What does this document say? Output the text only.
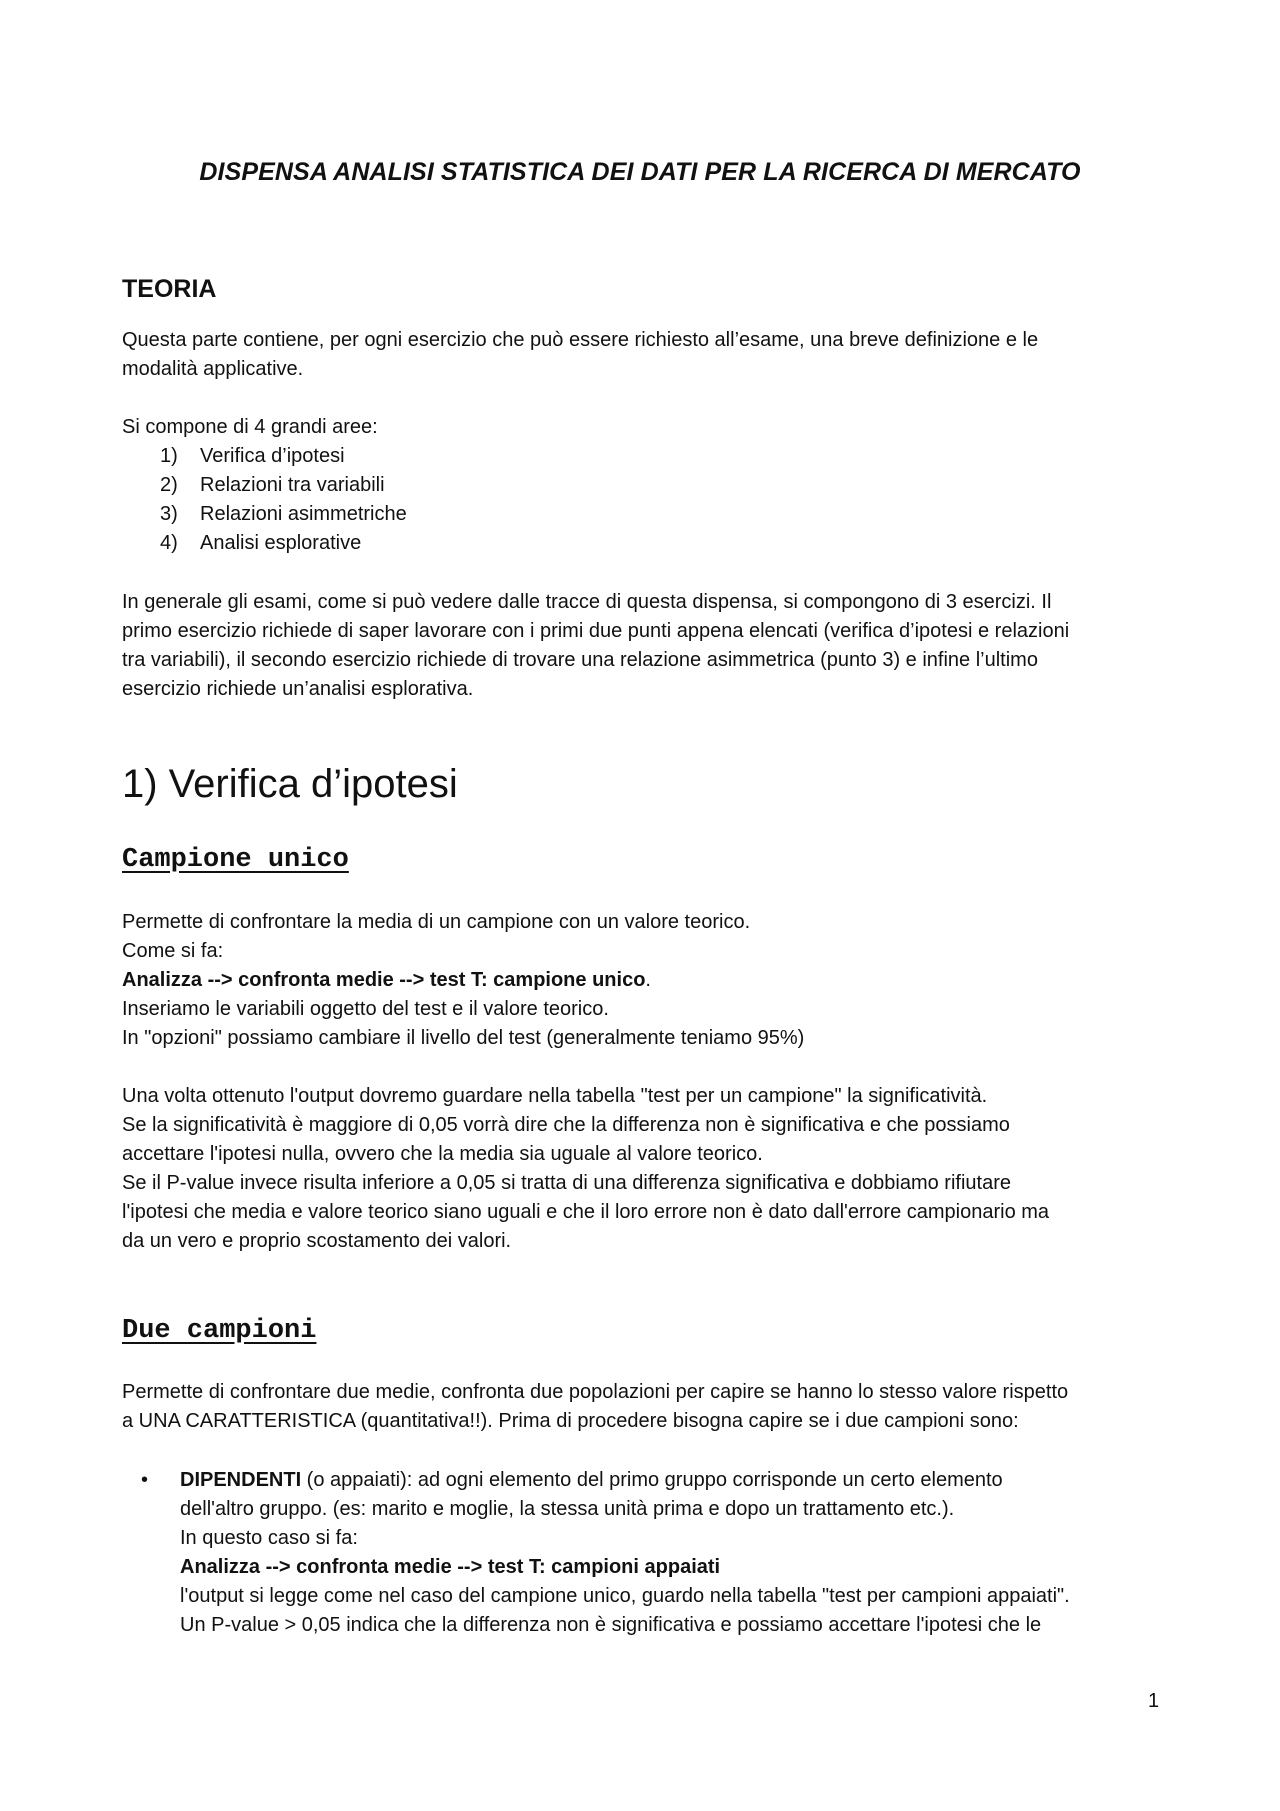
DISPENSA ANALISI STATISTICA DEI DATI PER LA RICERCA DI MERCATO
TEORIA
Questa parte contiene, per ogni esercizio che può essere richiesto all’esame, una breve definizione e le
modalità applicative.
Si compone di 4 grandi aree:
1) Verifica d’ipotesi
2) Relazioni tra variabili
3) Relazioni asimmetriche
4) Analisi esplorative
In generale gli esami, come si può vedere dalle tracce di questa dispensa, si compongono di 3 esercizi. Il
primo esercizio richiede di saper lavorare con i primi due punti appena elencati (verifica d’ipotesi e relazioni
tra variabili), il secondo esercizio richiede di trovare una relazione asimmetrica (punto 3) e infine l’ultimo
esercizio richiede un’analisi esplorativa.
1) Verifica d’ipotesi
Campione unico
Permette di confrontare la media di un campione con un valore teorico.
Come si fa:
Analizza --> confronta medie --> test T: campione unico.
Inseriamo le variabili oggetto del test e il valore teorico.
In "opzioni" possiamo cambiare il livello del test (generalmente teniamo 95%)
Una volta ottenuto l'output dovremo guardare nella tabella "test per un campione" la significatività.
Se la significatività è maggiore di 0,05 vorrà dire che la differenza non è significativa e che possiamo
accettare l'ipotesi nulla, ovvero che la media sia uguale al valore teorico.
Se il P-value invece risulta inferiore a 0,05 si tratta di una differenza significativa e dobbiamo rifiutare
l'ipotesi che media e valore teorico siano uguali e che il loro errore non è dato dall'errore campionario ma
da un vero e proprio scostamento dei valori.
Due campioni
Permette di confrontare due medie, confronta due popolazioni per capire se hanno lo stesso valore rispetto
a UNA CARATTERISTICA (quantitativa!!). Prima di procedere bisogna capire se i due campioni sono:
• DIPENDENTI (o appaiati): ad ogni elemento del primo gruppo corrisponde un certo elemento
dell'altro gruppo. (es: marito e moglie, la stessa unità prima e dopo un trattamento etc.).
In questo caso si fa:
Analizza --> confronta medie --> test T: campioni appaiati
l'output si legge come nel caso del campione unico, guardo nella tabella "test per campioni appaiati".
Un P-value > 0,05 indica che la differenza non è significativa e possiamo accettare l'ipotesi che le
1
